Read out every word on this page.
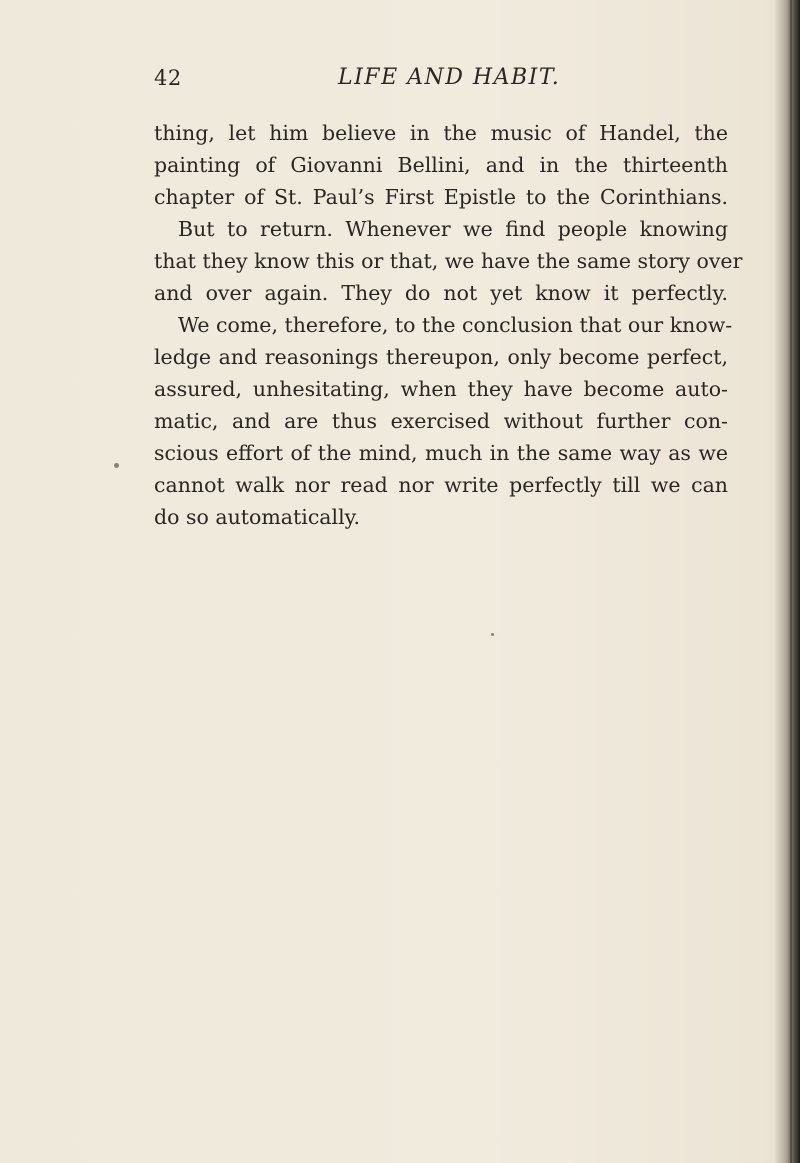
42	LIFE AND HABIT.
thing, let him believe in the music of Handel, the
painting of Giovanni Bellini, and in the thirteenth
chapter of St. Paul’s First Epistle to the Corinthians.
But to return. Whenever we find people knowing
that they know this or that, we have the same story over
and over again. They do not yet know it perfectly.
We come, therefore, to the conclusion that our know-
ledge and reasonings thereupon, only become perfect,
assured, unhesitating, when they have become auto-
matic, and are thus exercised without further con-
scious effort of the mind, much in the same way as we
cannot walk nor read nor write perfectly till we can
do so automatically.
